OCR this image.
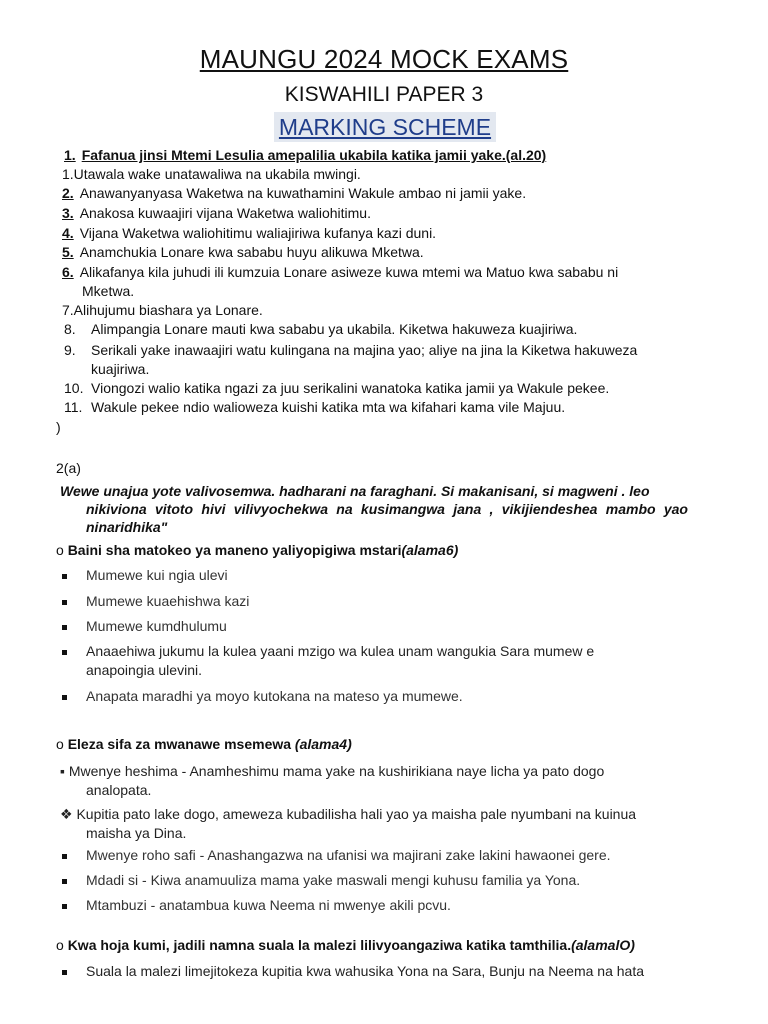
MAUNGU 2024 MOCK EXAMS
KISWAHILI PAPER 3
MARKING SCHEME
1. Fafanua jinsi Mtemi Lesulia amepalilia ukabila katika jamii yake.(al.20)
1.Utawala wake unatawaliwa na ukabila mwingi.
2. Anawanyanyasa Waketwa na kuwathamini Wakule ambao ni jamii yake.
3. Anakosa kuwaajiri vijana Waketwa waliohitimu.
4. Vijana Waketwa waliohitimu waliajiriwa kufanya kazi duni.
5. Anamchukia Lonare kwa sababu huyu alikuwa Mketwa.
6. Alikafanya kila juhudi ili kumzuia Lonare asiweze kuwa mtemi wa Matuo kwa sababu ni
Mketwa.
7.Alihujumu biashara ya Lonare.
8. Alimpangia Lonare mauti kwa sababu ya ukabila. Kiketwa hakuweza kuajiriwa.
9. Serikali yake inawaajiri watu kulingana na majina yao; aliye na jina la Kiketwa hakuweza
kuajiriwa.
10. Viongozi walio katika ngazi za juu serikalini wanatoka katika jamii ya Wakule pekee.
11. Wakule pekee ndio walioweza kuishi katika mta wa kifahari kama vile Majuu.
)
2(a)
Wewe unajua yote valivosemwa. hadharani na faraghani. Si makanisani, si magweni . leo
nikiviona vitoto hivi vilivyochekwa na kusimangwa jana , vikijiendeshea mambo yao ninaridhika"
o Baini sha matokeo ya maneno yaliyopigiwa mstari(alama6)
Mumewe kui ngia ulevi
Mumewe kuaehishwa kazi
Mumewe kumdhulumu
Anaaehiwa jukumu la kulea yaani mzigo wa kulea unam wangukia Sara mumew e
anapoingia ulevini.
Anapata maradhi ya moyo kutokana na mateso ya mumewe.
o Eleza sifa za mwanawe msemewa (alama4)
▪ Mwenye heshima - Anamheshimu mama yake na kushirikiana naye licha ya pato dogo
analopata.
❖ Kupitia pato lake dogo, ameweza kubadilisha hali yao ya maisha pale nyumbani na kuinua
maisha ya Dina.
Mwenye roho safi - Anashangazwa na ufanisi wa majirani zake lakini hawaonei gere.
Mdadi si - Kiwa anamuuliza mama yake maswali mengi kuhusu familia ya Yona.
Mtambuzi - anatambua kuwa Neema ni mwenye akili pcvu.
o Kwa hoja kumi, jadili namna suala la malezi lilivyoangaziwa katika tamthilia.(alamalO)
Suala la malezi limejitokeza kupitia kwa wahusika Yona na Sara, Bunju na Neema na hata
